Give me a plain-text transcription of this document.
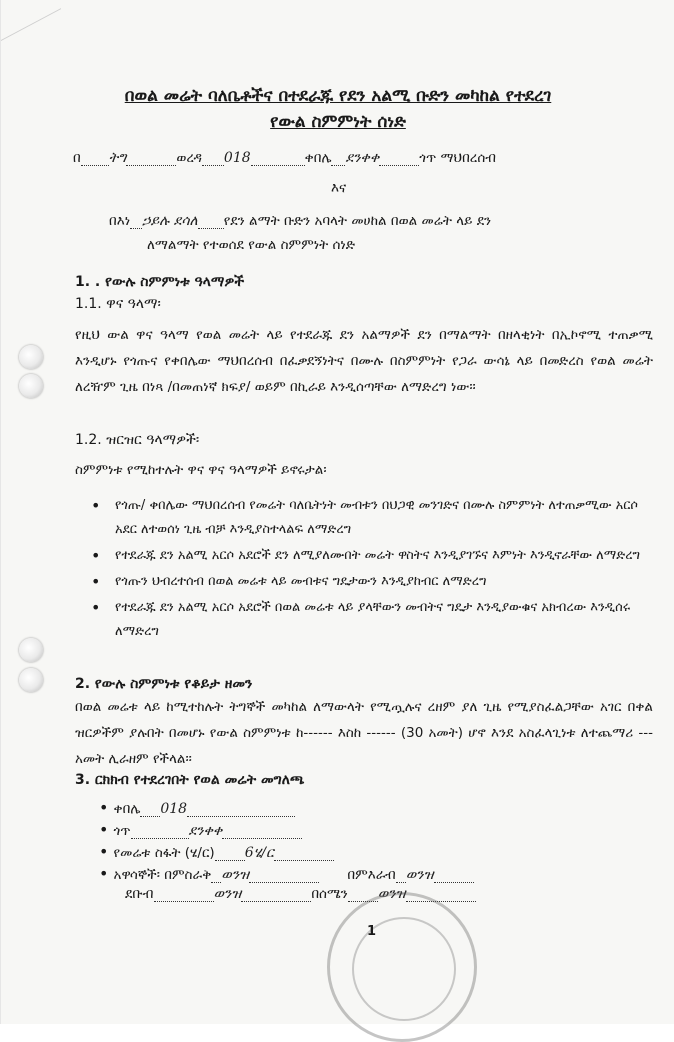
በወል መሬት ባለቤቶችና በተደራጁ የደን አልሚ ቡድን መካከል የተደረገ
የውል ስምምነት ሰነድ
በ ትግ	ወረዳ 018	ቀበሌ ደንቀቀ	ጎጥ ማህበረሰብ
እና
በእነ ኃይሉ ደሳለ የደን ልማት ቡድን አባላት መሀከል በወል መሬት ላይ ደን
ለማልማት የተወሰደ የውል ስምምነት ሰነድ
1. . የውሉ ስምምነቱ ዓላማዎች
1.1. ዋና ዓላማ፡
የዚህ ውል ዋና ዓላማ የወል መሬት ላይ የተደራጁ ደን አልማዎች ደን በማልማት በዘላቂነት በኢኮኖሚ ተጠቃሚ እንዲሆኑ የጎጡና የቀበሌው ማህበረሰብ በፈቃደኝነትና በሙሉ በስምምነት የጋራ ውሳኔ ላይ በመድረስ የወል መሬት ለረዥም ጊዜ በነጻ /በመጠነኛ ክፍያ/ ወይም በኪራይ እንዲሰጣቸው ለማድረግ ነው፡፡
1.2. ዝርዝር ዓላማዎች፡
ስምምነቱ የሚከተሉት ዋና ዋና ዓላማዎች ይኖሩታል፡
• የጎጡ/ ቀበሌው ማህበረሰብ የመሬት ባለቤትነት መብቱን በህጋዊ መንገድና በሙሉ ስምምነት ለተጠቃሚው አርሶ አደር ለተወሰነ ጊዜ ብቻ እንዲያስተላልፍ ለማድረግ
• የተደራጁ ደን አልሚ አርሶ አደሮች ደን ለሚያለሙበት መሬት ዋስትና እንዲያገኙና እምነት እንዲኖራቸው ለማድረግ
• የጎጡን ህብረተሰብ በወል መሬቱ ላይ መብቱና ግዴታውን እንዲያከብር ለማድረግ
• የተደራጁ ደን አልሚ አርሶ አደሮች በወል መሬቱ ላይ ያላቸውን መብትና ግዴታ እንዲያውቁና አክብረው እንዲሰሩ ለማድረግ
2. የውሉ ስምምነቱ የቆይታ ዘመን
በወል መሬቱ ላይ ከሚተከሉት ትግኞች መካከል ለማውላት የሚጧሉና ረዘም ያለ ጊዜ የሚያስፈልጋቸው አገር በቀል ዝርዎችም ያሉበት በመሆኑ የውል ስምምነቱ ከ------ እስከ ------ (30 አመት) ሆኖ እንደ አስፈላጊነቱ ለተጨማሪ --- አመት ሊራዘም የችላል፡፡
3. ርክክብ የተደረገበት የወል መሬት መግለጫ
• ቀበሌ 018
• ጎጥ	ደንቀቀ
• የመሬቱ ስፋት (ሄ/ር) 6ሄ/ር
• አዋሳኞች፡ በምስራቅ ወንዝ	በምእራብ ወንዝ
ደቡብ	ወንዝ	በሰሜን ወንዝ
1
